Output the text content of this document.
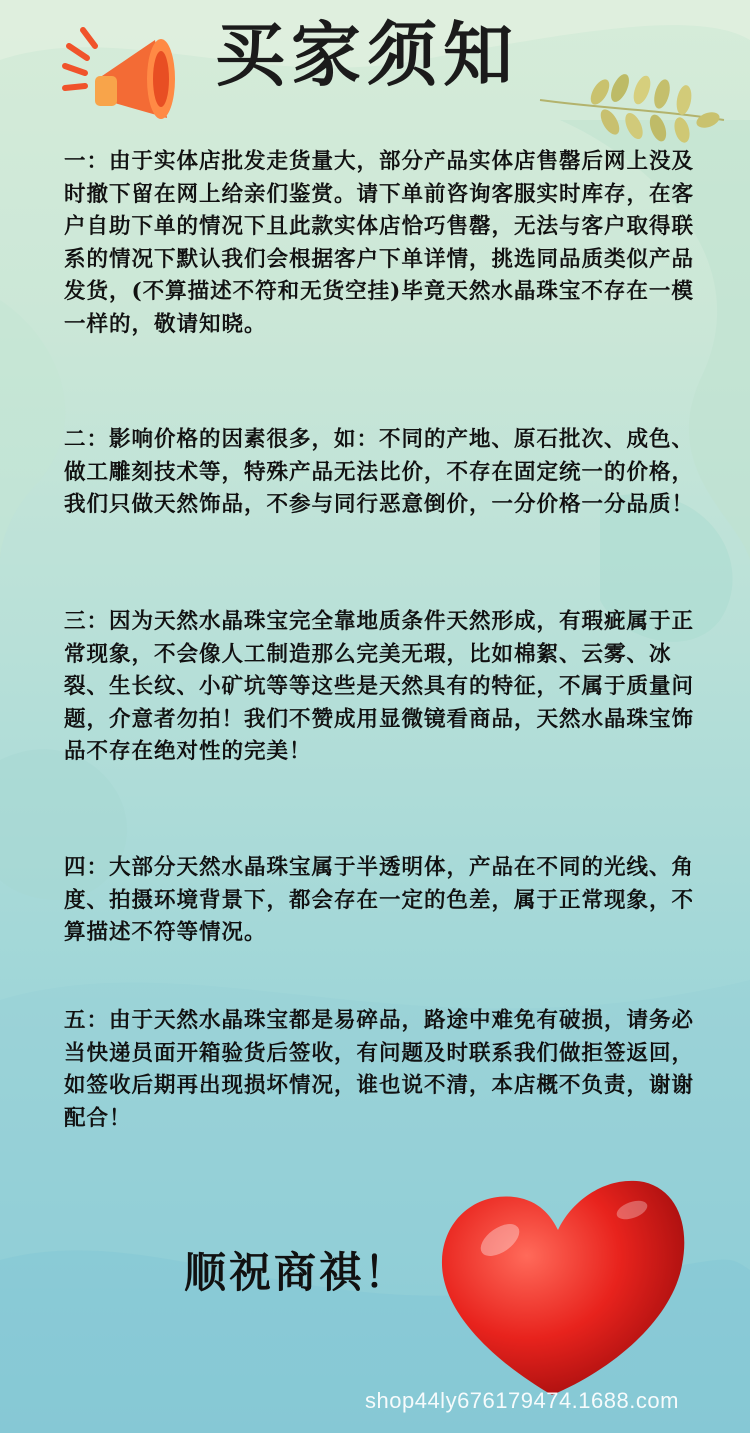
买家须知
一：由于实体店批发走货量大，部分产品实体店售罄后网上没及时撤下留在网上给亲们鉴赏。请下单前咨询客服实时库存，在客户自助下单的情况下且此款实体店恰巧售罄，无法与客户取得联系的情况下默认我们会根据客户下单详情，挑选同品质类似产品发货，(不算描述不符和无货空挂)毕竟天然水晶珠宝不存在一模一样的，敬请知晓。
二：影响价格的因素很多，如：不同的产地、原石批次、成色、做工雕刻技术等，特殊产品无法比价，不存在固定统一的价格，我们只做天然饰品，不参与同行恶意倒价，一分价格一分品质！
三：因为天然水晶珠宝完全靠地质条件天然形成，有瑕疵属于正常现象，不会像人工制造那么完美无瑕，比如棉絮、云雾、冰裂、生长纹、小矿坑等等这些是天然具有的特征，不属于质量问题，介意者勿拍！我们不赞成用显微镜看商品，天然水晶珠宝饰品不存在绝对性的完美！
四：大部分天然水晶珠宝属于半透明体，产品在不同的光线、角度、拍摄环境背景下，都会存在一定的色差，属于正常现象，不算描述不符等情况。
五：由于天然水晶珠宝都是易碎品，路途中难免有破损，请务必当快递员面开箱验货后签收，有问题及时联系我们做拒签返回，如签收后期再出现损坏情况，谁也说不清，本店概不负责，谢谢配合！
顺祝商祺！
shop44ly676179474.1688.com
